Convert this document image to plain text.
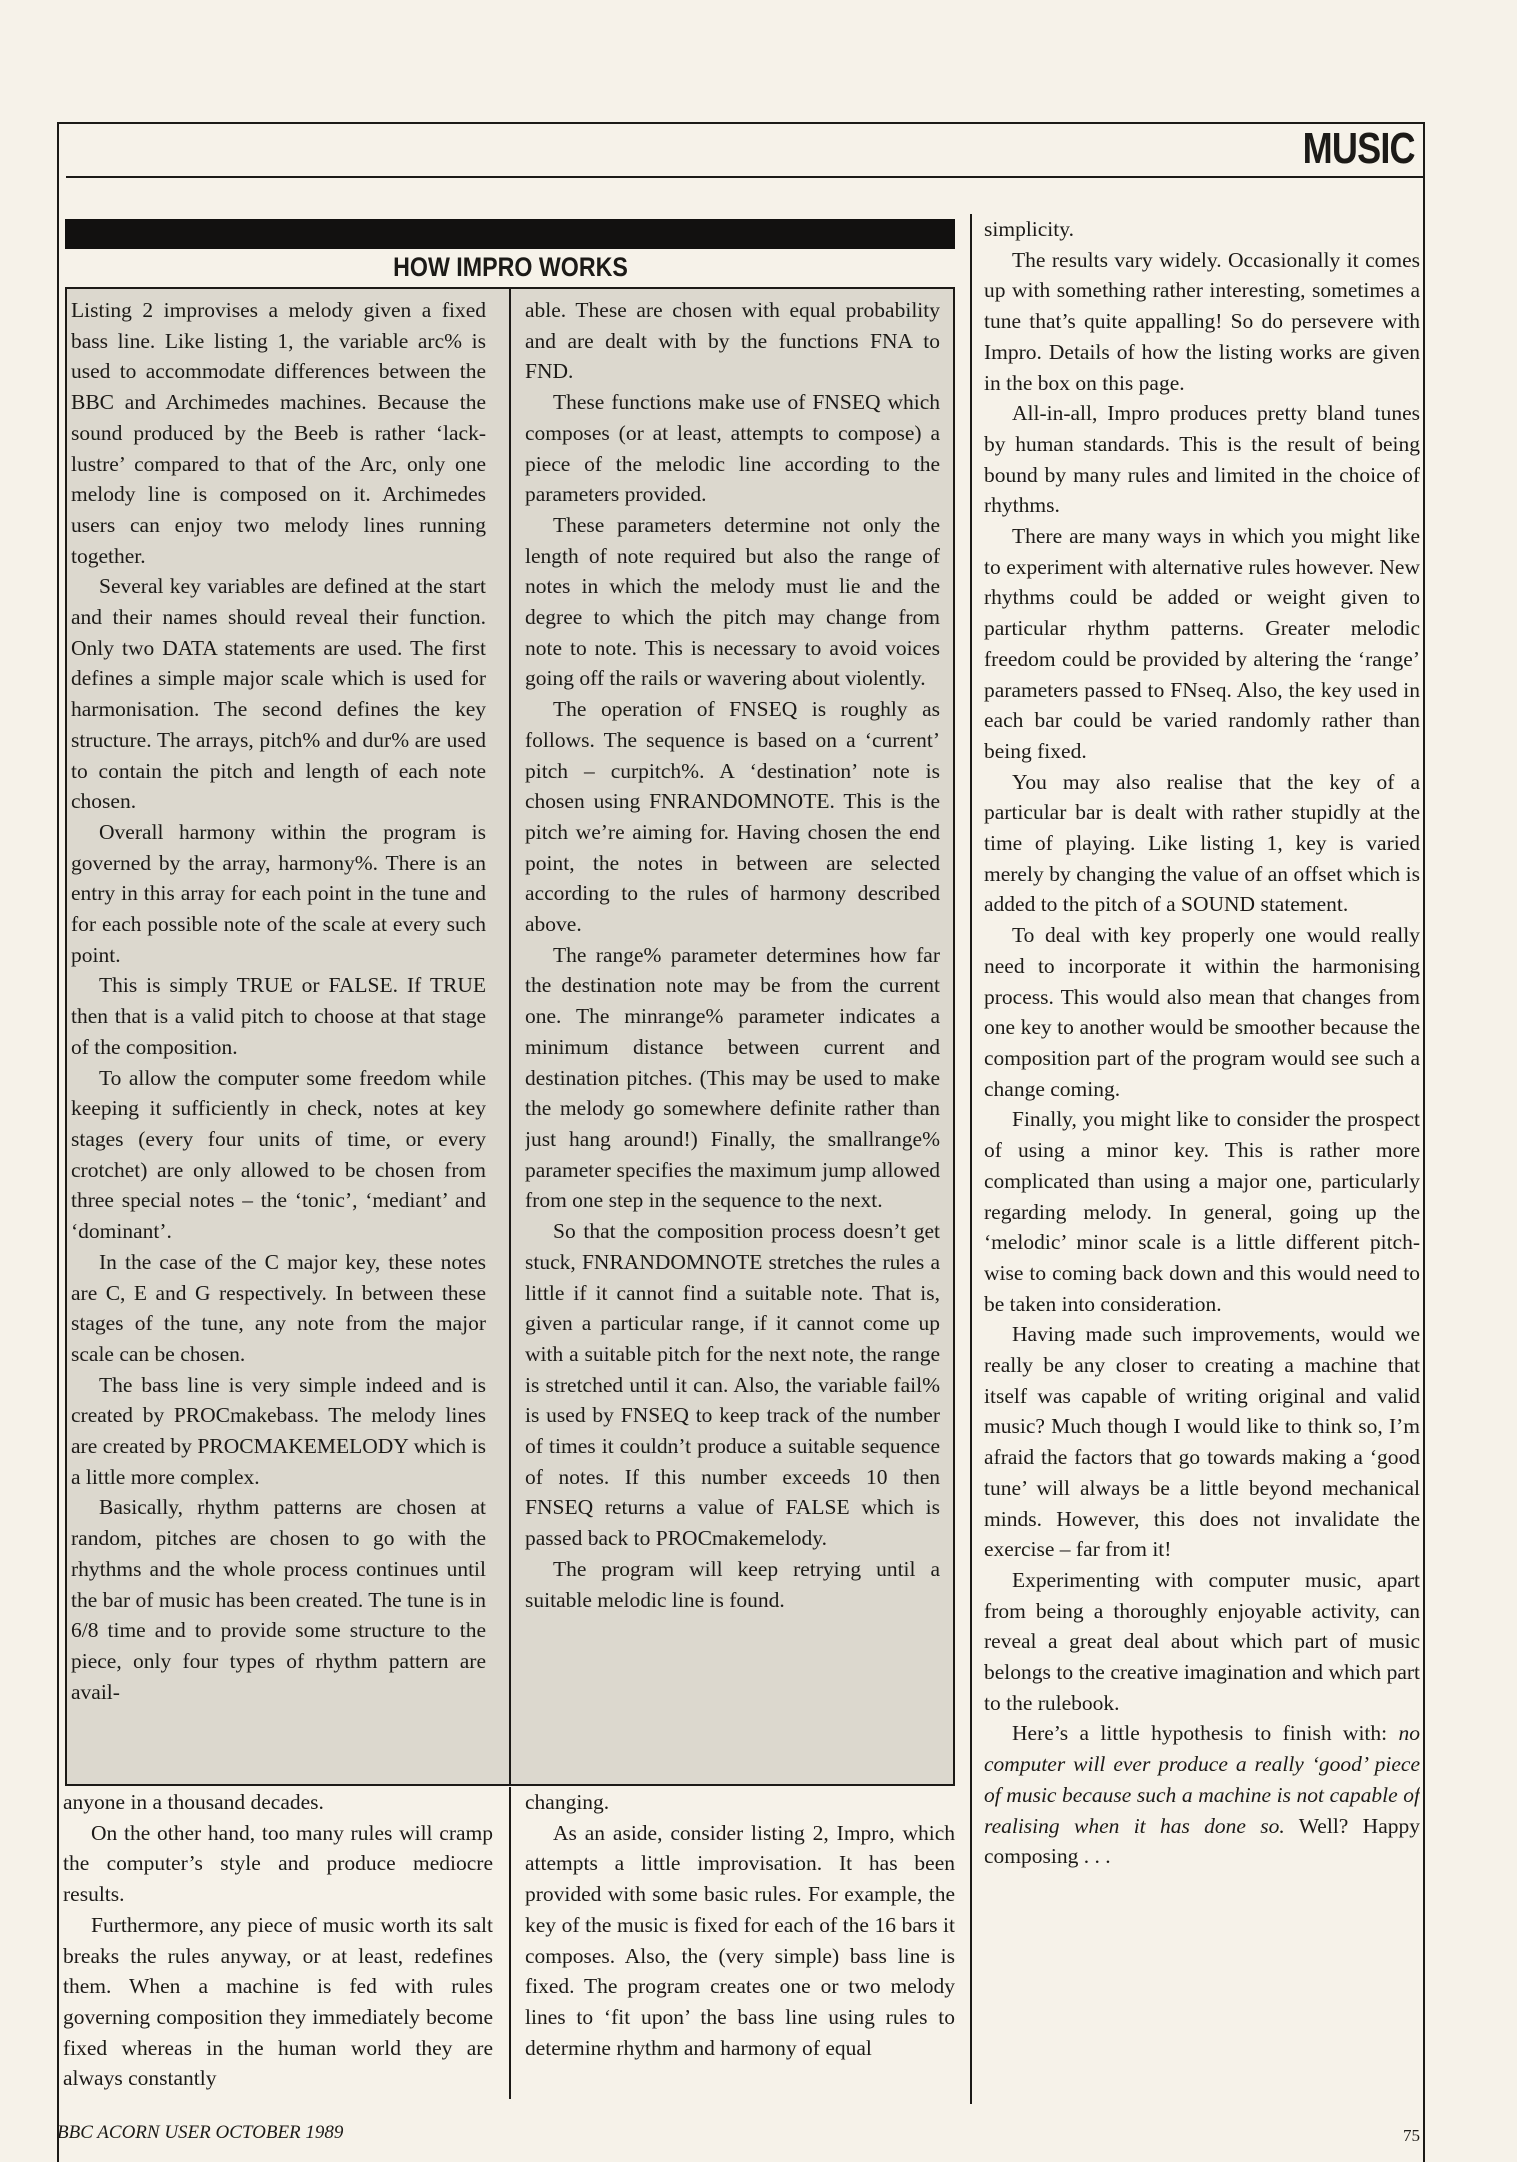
MUSIC
HOW IMPRO WORKS

Listing 2 improvises a melody given a fixed bass line. Like listing 1, the variable arc% is used to accommodate differences between the BBC and Archimedes machines. Because the sound produced by the Beeb is rather ‘lack-lustre’ compared to that of the Arc, only one melody line is composed on it. Archimedes users can enjoy two melody lines running together.

Several key variables are defined at the start and their names should reveal their function. Only two DATA statements are used. The first defines a simple major scale which is used for harmonisation. The second defines the key structure. The arrays, pitch% and dur% are used to contain the pitch and length of each note chosen.

Overall harmony within the program is governed by the array, harmony%. There is an entry in this array for each point in the tune and for each possible note of the scale at every such point.

This is simply TRUE or FALSE. If TRUE then that is a valid pitch to choose at that stage of the composition.

To allow the computer some freedom while keeping it sufficiently in check, notes at key stages (every four units of time, or every crotchet) are only allowed to be chosen from three special notes – the ‘tonic’, ‘mediant’ and ‘dominant’.

In the case of the C major key, these notes are C, E and G respectively. In between these stages of the tune, any note from the major scale can be chosen.

The bass line is very simple indeed and is created by PROCmakebass. The melody lines are created by PROCMAKEMELODY which is a little more complex.

Basically, rhythm patterns are chosen at random, pitches are chosen to go with the rhythms and the whole process continues until the bar of music has been created. The tune is in 6/8 time and to provide some structure to the piece, only four types of rhythm pattern are avail-

able. These are chosen with equal probability and are dealt with by the functions FNA to FND.

These functions make use of FNSEQ which composes (or at least, attempts to compose) a piece of the melodic line according to the parameters provided.

These parameters determine not only the length of note required but also the range of notes in which the melody must lie and the degree to which the pitch may change from note to note. This is necessary to avoid voices going off the rails or wavering about violently.

The operation of FNSEQ is roughly as follows. The sequence is based on a ‘current’ pitch – curpitch%. A ‘destination’ note is chosen using FNRANDOMNOTE. This is the pitch we’re aiming for. Having chosen the end point, the notes in between are selected according to the rules of harmony described above.

The range% parameter determines how far the destination note may be from the current one. The minrange% parameter indicates a minimum distance between current and destination pitches. (This may be used to make the melody go somewhere definite rather than just hang around!) Finally, the smallrange% parameter specifies the maximum jump allowed from one step in the sequence to the next.

So that the composition process doesn’t get stuck, FNRANDOMNOTE stretches the rules a little if it cannot find a suitable note. That is, given a particular range, if it cannot come up with a suitable pitch for the next note, the range is stretched until it can. Also, the variable fail% is used by FNSEQ to keep track of the number of times it couldn’t produce a suitable sequence of notes. If this number exceeds 10 then FNSEQ returns a value of FALSE which is passed back to PROCmakemelody.

The program will keep retrying until a suitable melodic line is found.

anyone in a thousand decades.

On the other hand, too many rules will cramp the computer’s style and produce mediocre results.

Furthermore, any piece of music worth its salt breaks the rules anyway, or at least, redefines them. When a machine is fed with rules governing composition they immediately become fixed whereas in the human world they are always constantly

changing.

As an aside, consider listing 2, Impro, which attempts a little improvisation. It has been provided with some basic rules. For example, the key of the music is fixed for each of the 16 bars it composes. Also, the (very simple) bass line is fixed. The program creates one or two melody lines to ‘fit upon’ the bass line using rules to determine rhythm and harmony of equal

simplicity.

The results vary widely. Occasionally it comes up with something rather interesting, sometimes a tune that’s quite appalling! So do persevere with Impro. Details of how the listing works are given in the box on this page.

All-in-all, Impro produces pretty bland tunes by human standards. This is the result of being bound by many rules and limited in the choice of rhythms.

There are many ways in which you might like to experiment with alternative rules however. New rhythms could be added or weight given to particular rhythm patterns. Greater melodic freedom could be provided by altering the ‘range’ parameters passed to FNseq. Also, the key used in each bar could be varied randomly rather than being fixed.

You may also realise that the key of a particular bar is dealt with rather stupidly at the time of playing. Like listing 1, key is varied merely by changing the value of an offset which is added to the pitch of a SOUND statement.

To deal with key properly one would really need to incorporate it within the harmonising process. This would also mean that changes from one key to another would be smoother because the composition part of the program would see such a change coming.

Finally, you might like to consider the prospect of using a minor key. This is rather more complicated than using a major one, particularly regarding melody. In general, going up the ‘melodic’ minor scale is a little different pitch-wise to coming back down and this would need to be taken into consideration.

Having made such improvements, would we really be any closer to creating a machine that itself was capable of writing original and valid music? Much though I would like to think so, I’m afraid the factors that go towards making a ‘good tune’ will always be a little beyond mechanical minds. However, this does not invalidate the exercise – far from it!

Experimenting with computer music, apart from being a thoroughly enjoyable activity, can reveal a great deal about which part of music belongs to the creative imagination and which part to the rulebook.

Here’s a little hypothesis to finish with: no computer will ever produce a really ‘good’ piece of music because such a machine is not capable of realising when it has done so. Well? Happy composing . . .

BBC ACORN USER OCTOBER 1989	75
